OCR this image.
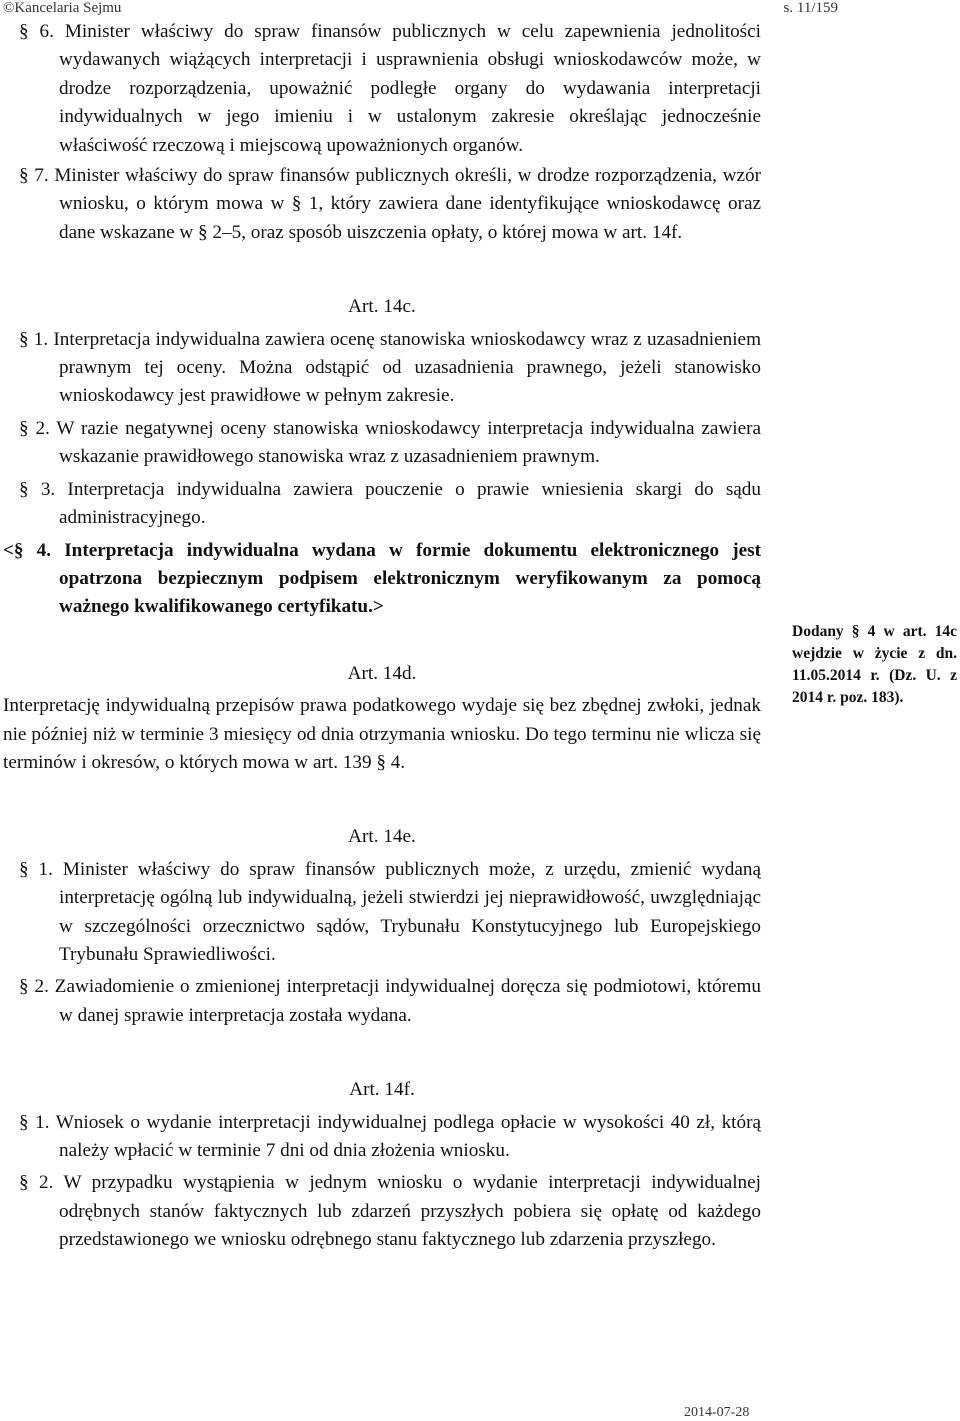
©Kancelaria Sejmu	s. 11/159

§ 6. Minister właściwy do spraw finansów publicznych w celu zapewnienia jednolitości wydawanych wiążących interpretacji i usprawnienia obsługi wnioskodawców może, w drodze rozporządzenia, upoważnić podległe organy do wydawania interpretacji indywidualnych w jego imieniu i w ustalonym zakresie określając jednocześnie właściwość rzeczową i miejscową upoważnionych organów.

§ 7. Minister właściwy do spraw finansów publicznych określi, w drodze rozporządzenia, wzór wniosku, o którym mowa w § 1, który zawiera dane identyfikujące wnioskodawcę oraz dane wskazane w § 2–5, oraz sposób uiszczenia opłaty, o której mowa w art. 14f.

Art. 14c.

§ 1. Interpretacja indywidualna zawiera ocenę stanowiska wnioskodawcy wraz z uzasadnieniem prawnym tej oceny. Można odstąpić od uzasadnienia prawnego, jeżeli stanowisko wnioskodawcy jest prawidłowe w pełnym zakresie.

§ 2. W razie negatywnej oceny stanowiska wnioskodawcy interpretacja indywidualna zawiera wskazanie prawidłowego stanowiska wraz z uzasadnieniem prawnym.

§ 3. Interpretacja indywidualna zawiera pouczenie o prawie wniesienia skargi do sądu administracyjnego.

<§ 4. Interpretacja indywidualna wydana w formie dokumentu elektronicznego jest opatrzona bezpiecznym podpisem elektronicznym weryfikowanym za pomocą ważnego kwalifikowanego certyfikatu.>

Art. 14d.

Interpretację indywidualną przepisów prawa podatkowego wydaje się bez zbędnej zwłoki, jednak nie później niż w terminie 3 miesięcy od dnia otrzymania wniosku. Do tego terminu nie wlicza się terminów i okresów, o których mowa w art. 139 § 4.

Art. 14e.

§ 1. Minister właściwy do spraw finansów publicznych może, z urzędu, zmienić wydaną interpretację ogólną lub indywidualną, jeżeli stwierdzi jej nieprawidłowość, uwzględniając w szczególności orzecznictwo sądów, Trybunału Konstytucyjnego lub Europejskiego Trybunału Sprawiedliwości.

§ 2. Zawiadomienie o zmienionej interpretacji indywidualnej doręcza się podmiotowi, któremu w danej sprawie interpretacja została wydana.

Art. 14f.

§ 1. Wniosek o wydanie interpretacji indywidualnej podlega opłacie w wysokości 40 zł, którą należy wpłacić w terminie 7 dni od dnia złożenia wniosku.

§ 2. W przypadku wystąpienia w jednym wniosku o wydanie interpretacji indywidualnej odrębnych stanów faktycznych lub zdarzeń przyszłych pobiera się opłatę od każdego przedstawionego we wniosku odrębnego stanu faktycznego lub zdarzenia przyszłego.

Dodany § 4 w art. 14c wejdzie w życie z dn. 11.05.2014 r. (Dz. U. z 2014 r. poz. 183).
2014-07-28
